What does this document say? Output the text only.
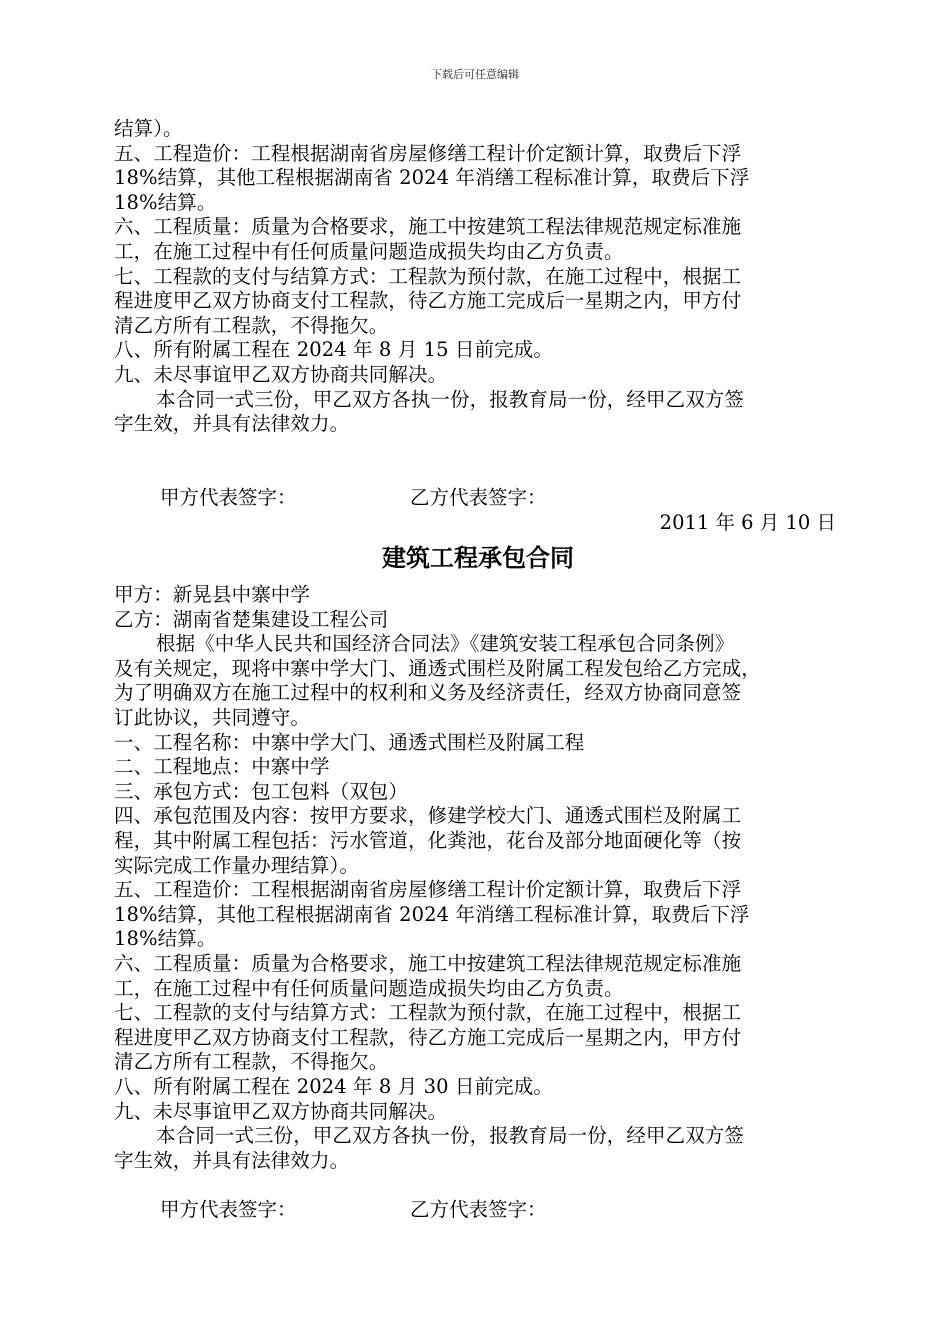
下载后可任意编辑
结算）。
五、工程造价：工程根据湖南省房屋修缮工程计价定额计算，取费后下浮
18%结算，其他工程根据湖南省 2024 年消缮工程标准计算，取费后下浮
18%结算。
六、工程质量：质量为合格要求，施工中按建筑工程法律规范规定标准施
工，在施工过程中有任何质量问题造成损失均由乙方负责。
七、工程款的支付与结算方式：工程款为预付款，在施工过程中，根据工
程进度甲乙双方协商支付工程款，待乙方施工完成后一星期之内，甲方付
清乙方所有工程款，不得拖欠。
八、所有附属工程在 2024 年 8 月 15 日前完成。
九、未尽事谊甲乙双方协商共同解决。
本合同一式三份，甲乙双方各执一份，报教育局一份，经甲乙双方签
字生效，并具有法律效力。
甲方代表签字：	乙方代表签字：
2011 年 6 月 10 日
建筑工程承包合同
甲方：新晃县中寨中学
乙方：湖南省楚集建设工程公司
根据《中华人民共和国经济合同法》《建筑安装工程承包合同条例》
及有关规定，现将中寨中学大门、通透式围栏及附属工程发包给乙方完成，
为了明确双方在施工过程中的权利和义务及经济责任，经双方协商同意签
订此协议，共同遵守。
一、工程名称：中寨中学大门、通透式围栏及附属工程
二、工程地点：中寨中学
三、承包方式：包工包料（双包）
四、承包范围及内容：按甲方要求，修建学校大门、通透式围栏及附属工
程，其中附属工程包括：污水管道，化粪池，花台及部分地面硬化等（按
实际完成工作量办理结算）。
五、工程造价：工程根据湖南省房屋修缮工程计价定额计算，取费后下浮
18%结算，其他工程根据湖南省 2024 年消缮工程标准计算，取费后下浮
18%结算。
六、工程质量：质量为合格要求，施工中按建筑工程法律规范规定标准施
工，在施工过程中有任何质量问题造成损失均由乙方负责。
七、工程款的支付与结算方式：工程款为预付款，在施工过程中，根据工
程进度甲乙双方协商支付工程款，待乙方施工完成后一星期之内，甲方付
清乙方所有工程款，不得拖欠。
八、所有附属工程在 2024 年 8 月 30 日前完成。
九、未尽事谊甲乙双方协商共同解决。
本合同一式三份，甲乙双方各执一份，报教育局一份，经甲乙双方签
字生效，并具有法律效力。
甲方代表签字：	乙方代表签字：
